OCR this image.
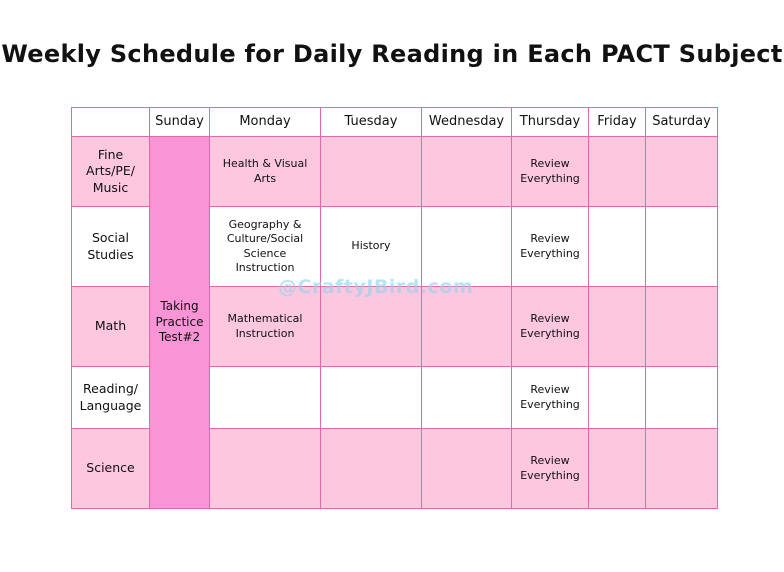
Weekly Schedule for Daily Reading in Each PACT Subject
	Sunday	Monday	Tuesday	Wednesday	Thursday	Friday	Saturday
Fine Arts/PE/ Music	Taking Practice Test#2	Health & Visual Arts			Review Everything		
Social Studies		Geography & Culture/Social Science Instruction	History		Review Everything		
Math		Mathematical Instruction			Review Everything		
Reading/ Language					Review Everything		
Science					Review Everything		
@CraftyJBird.com
